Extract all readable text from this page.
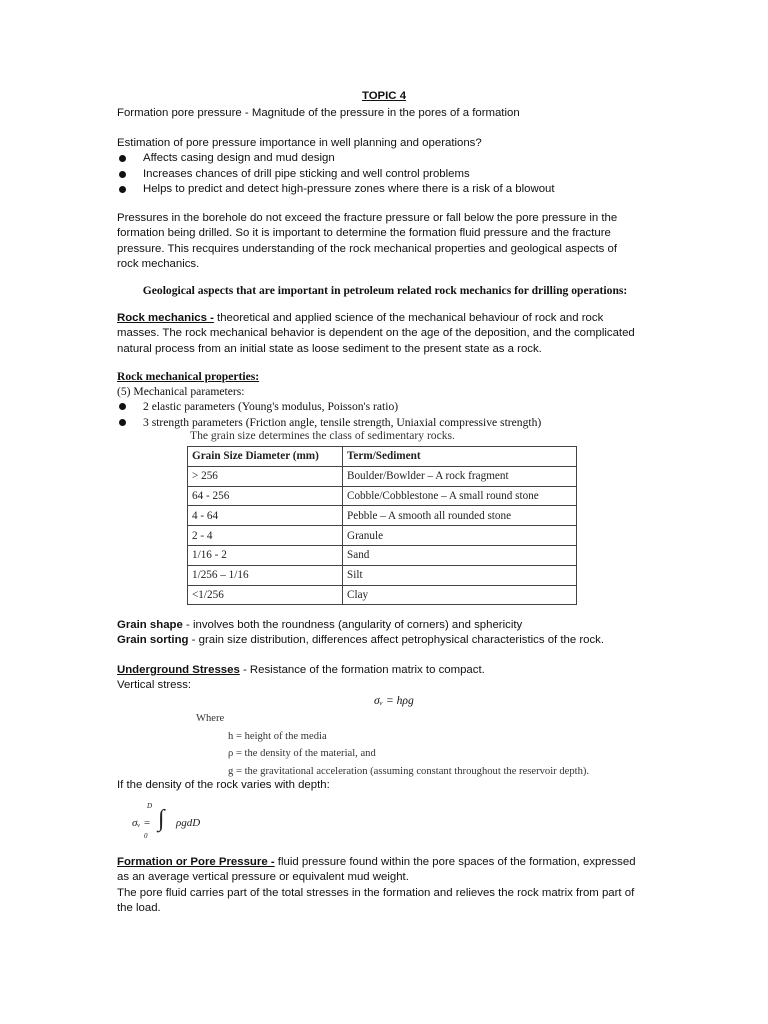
TOPIC 4

Formation pore pressure - Magnitude of the pressure in the pores of a formation

Estimation of pore pressure importance in well planning and operations?

Affects casing design and mud design
Increases chances of drill pipe sticking and well control problems
Helps to predict and detect high-pressure zones where there is a risk of a blowout

Pressures in the borehole do not exceed the fracture pressure or fall below the pore pressure in the formation being drilled. So it is important to determine the formation fluid pressure and the fracture pressure. This recquires understanding of the rock mechanical properties and geological aspects of rock mechanics.

Geological aspects that are important in petroleum related rock mechanics for drilling operations:

Rock mechanics - theoretical and applied science of the mechanical behaviour of rock and rock masses. The rock mechanical behavior is dependent on the age of the deposition, and the complicated natural process from an initial state as loose sediment to the present state as a rock.

Rock mechanical properties:

(5) Mechanical parameters:

2 elastic parameters (Young's modulus, Poisson's ratio)
3 strength parameters (Friction angle, tensile strength, Uniaxial compressive strength)
The grain size determines the class of sedimentary rocks.
Grain Size Diameter (mm)	Term/Sediment
> 256	Boulder/Bowlder – A rock fragment
64 - 256	Cobble/Cobblestone – A small round stone
4 - 64	Pebble – A smooth all rounded stone
2 - 4	Granule
1/16 - 2	Sand
1/256 – 1/16	Silt
<1/256	Clay

Grain shape - involves both the roundness (angularity of corners) and sphericity

Grain sorting - grain size distribution, differences affect petrophysical characteristics of the rock.

Underground Stresses - Resistance of the formation matrix to compact.

Vertical stress:

σᵥ = hρg
Where
h = height of the media
ρ = the density of the material, and
g = the gravitational acceleration (assuming constant throughout the reservoir depth).

If the density of the rock varies with depth:

σᵥ = ∫
D
0
ρgdD

Formation or Pore Pressure - fluid pressure found within the pore spaces of the formation, expressed as an average vertical pressure or equivalent mud weight.

The pore fluid carries part of the total stresses in the formation and relieves the rock matrix from part of the load.
